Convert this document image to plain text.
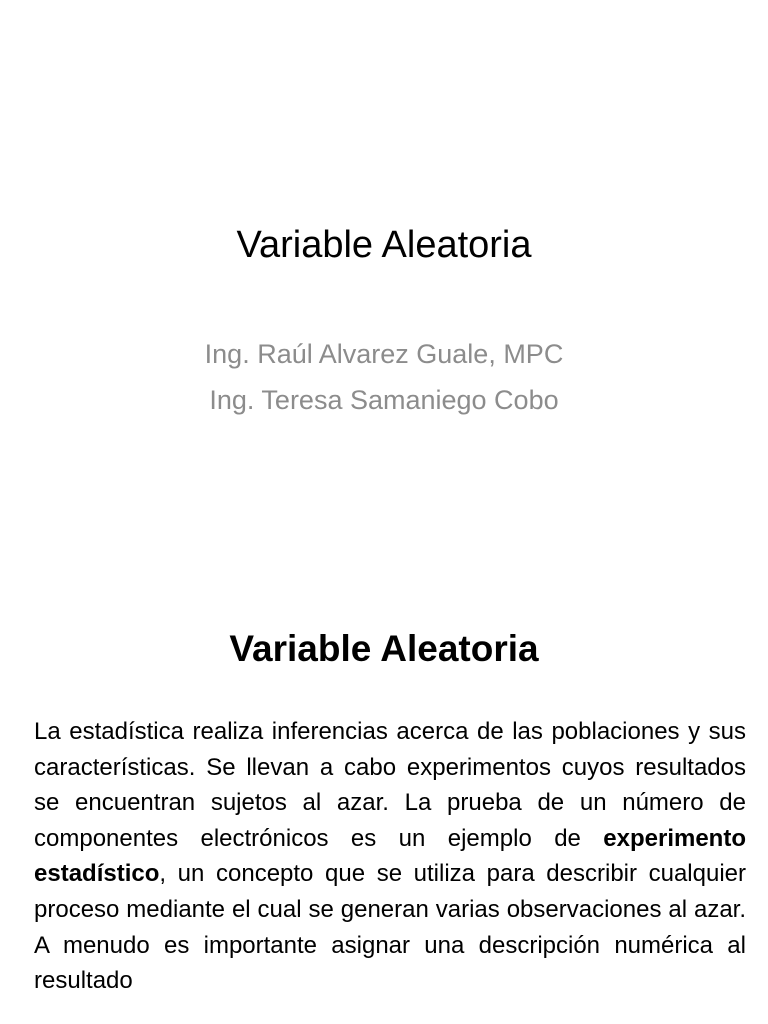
Variable Aleatoria
Ing. Raúl Alvarez Guale, MPC
Ing. Teresa Samaniego Cobo
Variable Aleatoria
La estadística realiza inferencias acerca de las poblaciones y sus características. Se llevan a cabo experimentos cuyos resultados se encuentran sujetos al azar. La prueba de un número de componentes electrónicos es un ejemplo de experimento estadístico, un concepto que se utiliza para describir cualquier proceso mediante el cual se generan varias observaciones al azar. A menudo es importante asignar una descripción numérica al resultado
